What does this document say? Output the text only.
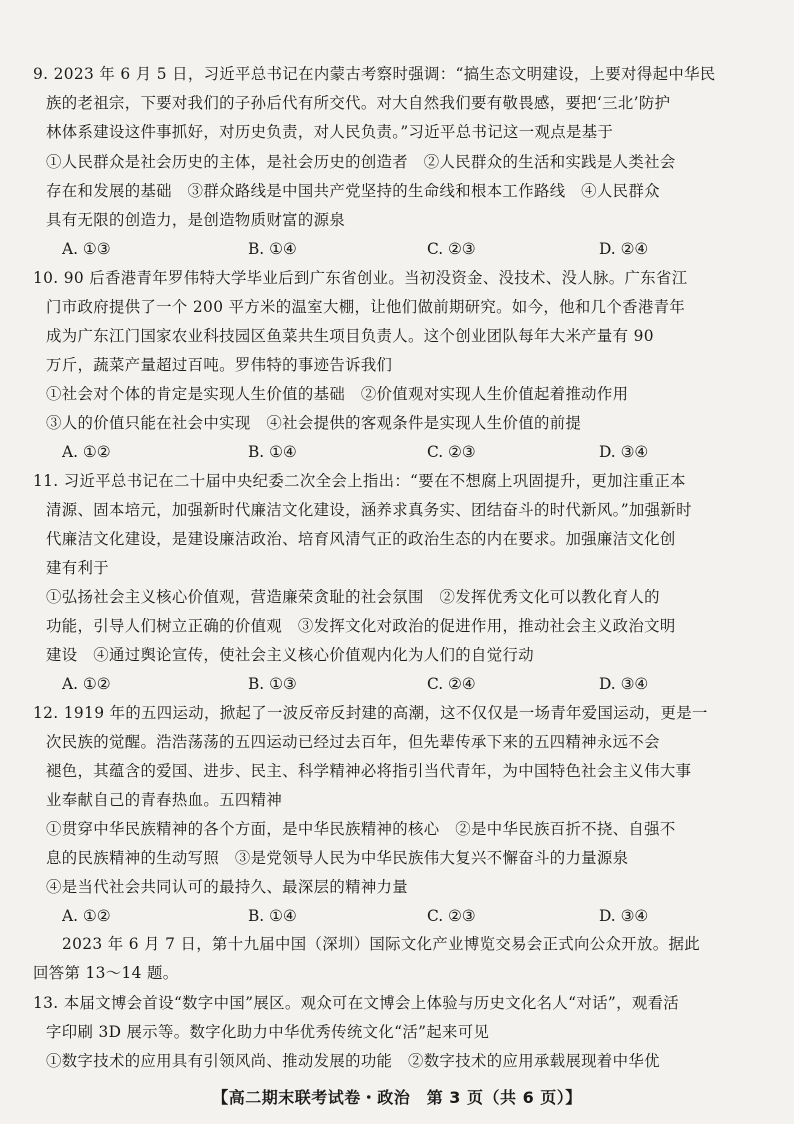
9. 2023 年 6 月 5 日，习近平总书记在内蒙古考察时强调：“搞生态文明建设，上要对得起中华民
族的老祖宗，下要对我们的子孙后代有所交代。对大自然我们要有敬畏感，要把‘三北’防护
林体系建设这件事抓好，对历史负责，对人民负责。”习近平总书记这一观点是基于
①人民群众是社会历史的主体，是社会历史的创造者　②人民群众的生活和实践是人类社会
存在和发展的基础　③群众路线是中国共产党坚持的生命线和根本工作路线　④人民群众
具有无限的创造力，是创造物质财富的源泉
A. ①③	B. ①④	C. ②③	D. ②④
10. 90 后香港青年罗伟特大学毕业后到广东省创业。当初没资金、没技术、没人脉。广东省江
门市政府提供了一个 200 平方米的温室大棚，让他们做前期研究。如今，他和几个香港青年
成为广东江门国家农业科技园区鱼菜共生项目负责人。这个创业团队每年大米产量有 90
万斤，蔬菜产量超过百吨。罗伟特的事迹告诉我们
①社会对个体的肯定是实现人生价值的基础　②价值观对实现人生价值起着推动作用
③人的价值只能在社会中实现　④社会提供的客观条件是实现人生价值的前提
A. ①②	B. ①④	C. ②③	D. ③④
11. 习近平总书记在二十届中央纪委二次全会上指出：“要在不想腐上巩固提升，更加注重正本
清源、固本培元，加强新时代廉洁文化建设，涵养求真务实、团结奋斗的时代新风。”加强新时
代廉洁文化建设，是建设廉洁政治、培育风清气正的政治生态的内在要求。加强廉洁文化创
建有利于
①弘扬社会主义核心价值观，营造廉荣贪耻的社会氛围　②发挥优秀文化可以教化育人的
功能，引导人们树立正确的价值观　③发挥文化对政治的促进作用，推动社会主义政治文明
建设　④通过舆论宣传，使社会主义核心价值观内化为人们的自觉行动
A. ①②	B. ①③	C. ②④	D. ③④
12. 1919 年的五四运动，掀起了一波反帝反封建的高潮，这不仅仅是一场青年爱国运动，更是一
次民族的觉醒。浩浩荡荡的五四运动已经过去百年，但先辈传承下来的五四精神永远不会
褪色，其蕴含的爱国、进步、民主、科学精神必将指引当代青年，为中国特色社会主义伟大事
业奉献自己的青春热血。五四精神
①贯穿中华民族精神的各个方面，是中华民族精神的核心　②是中华民族百折不挠、自强不
息的民族精神的生动写照　③是党领导人民为中华民族伟大复兴不懈奋斗的力量源泉
④是当代社会共同认可的最持久、最深层的精神力量
A. ①②	B. ①④	C. ②③	D. ③④
2023 年 6 月 7 日，第十九届中国（深圳）国际文化产业博览交易会正式向公众开放。据此
回答第 13～14 题。
13. 本届文博会首设“数字中国”展区。观众可在文博会上体验与历史文化名人“对话”，观看活
字印刷 3D 展示等。数字化助力中华优秀传统文化“活”起来可见
①数字技术的应用具有引领风尚、推动发展的功能　②数字技术的应用承载展现着中华优
【高二期末联考试卷・政治　第 3 页（共 6 页）】
